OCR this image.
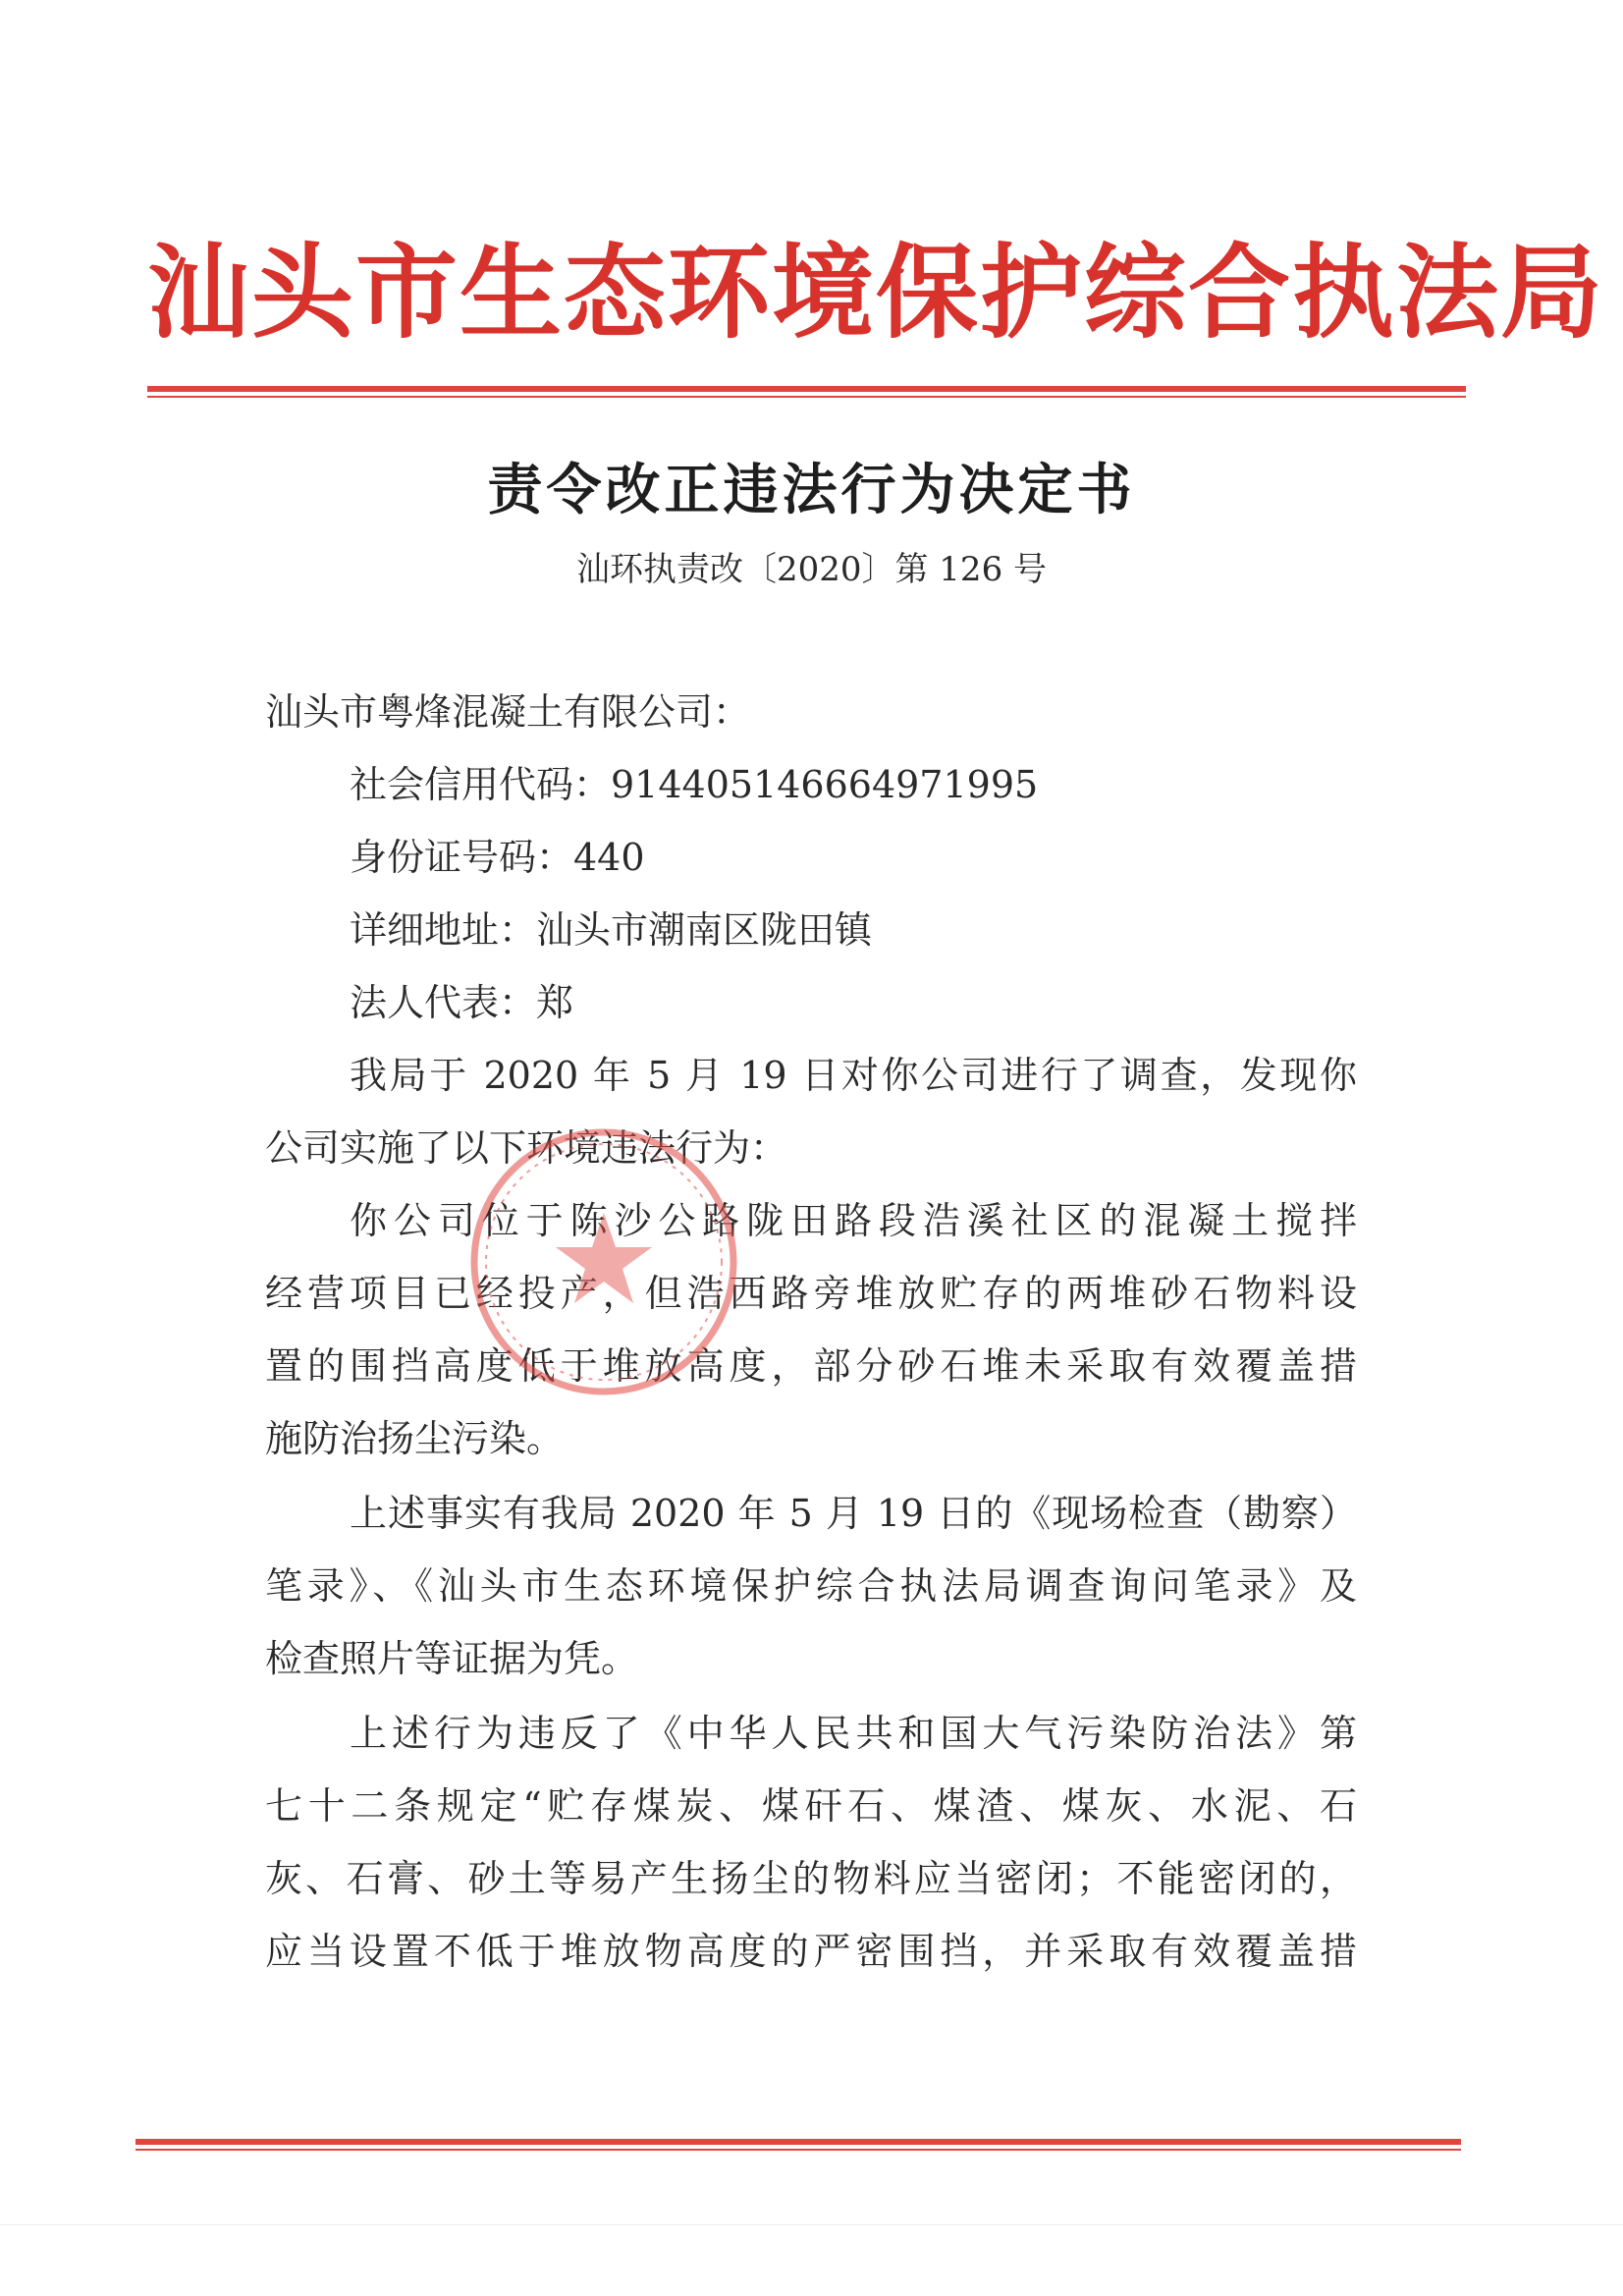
汕头市生态环境保护综合执法局
责令改正违法行为决定书
汕环执责改〔2020〕第 126 号
汕头市粤烽混凝土有限公司：
社会信用代码：91440514666497199‍5
身份证号码：440
详细地址：汕头市潮南区陇田镇
法人代表：郑
我局于 2020 年 5 月 19 日对你公司进行了调查，发现你
公司实施了以下环境违法行为：
你公司位于陈沙公路陇田路段浩溪社区的混凝土搅拌
经营项目已经投产，但浩西路旁堆放贮存的两堆砂石物料设
置的围挡高度低于堆放高度，部分砂石堆未采取有效覆盖措
施防治扬尘污染。
上述事实有我局 2020 年 5 月 19 日的《现场检查（勘察）
笔录》、《汕头市生态环境保护综合执法局调查询问笔录》及
检查照片等证据为凭。
上述行为违反了《中华人民共和国大气污染防治法》第
七十二条规定“贮存煤炭、煤矸石、煤渣、煤灰、水泥、石
灰、石膏、砂土等易产生扬尘的物料应当密闭；不能密闭的，
应当设置不低于堆放物高度的严密围挡，并采取有效覆盖措
